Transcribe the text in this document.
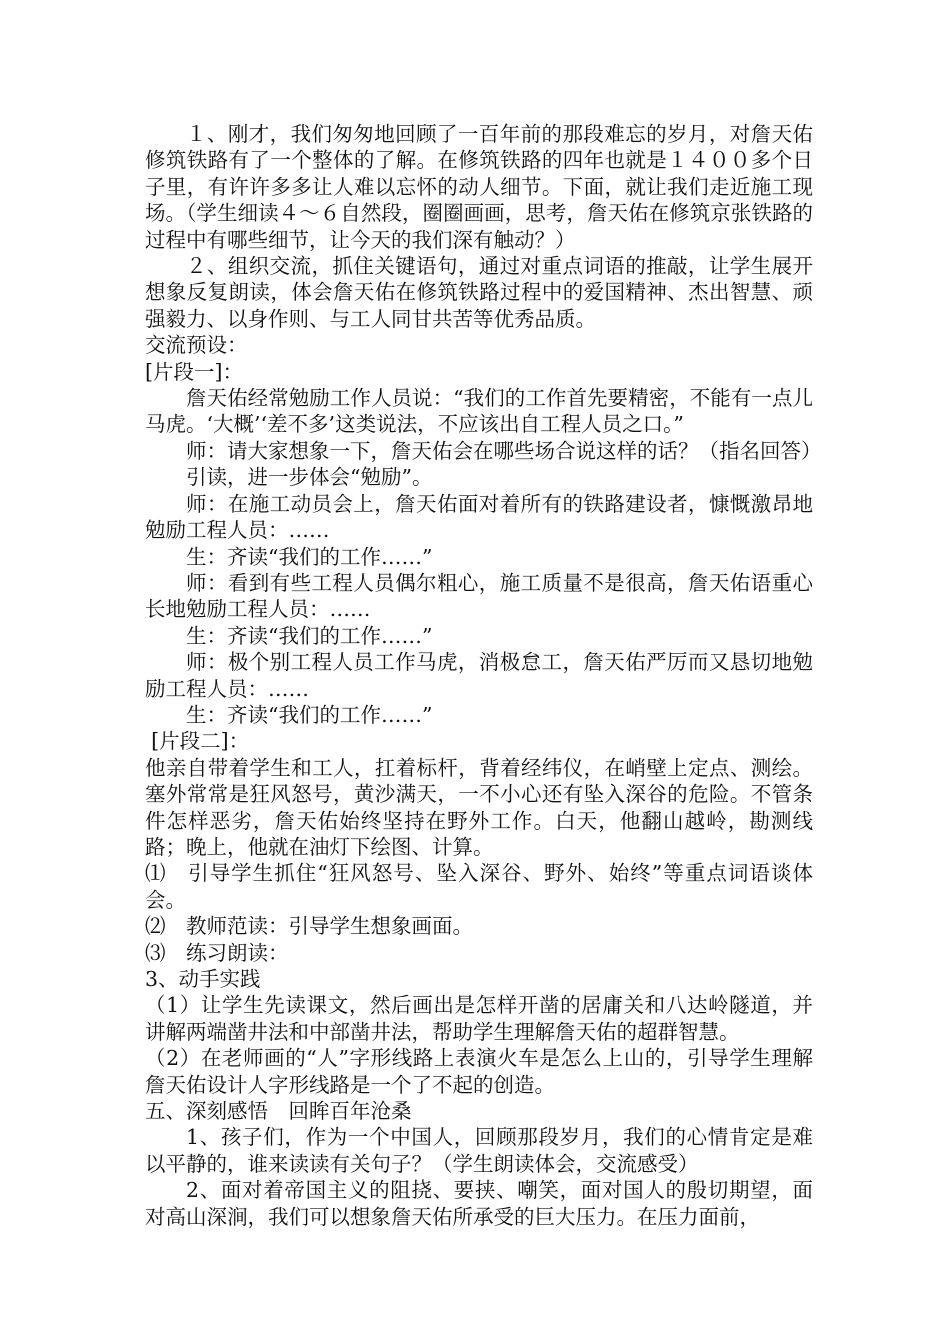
１、刚才，我们匆匆地回顾了一百年前的那段难忘的岁月，对詹天佑修筑铁路有了一个整体的了解。在修筑铁路的四年也就是１４００多个日子里，有许许多多让人难以忘怀的动人细节。下面，就让我们走近施工现场。（学生细读４～６自然段，圈圈画画，思考，詹天佑在修筑京张铁路的过程中有哪些细节，让今天的我们深有触动？）

２、组织交流，抓住关键语句，通过对重点词语的推敲，让学生展开想象反复朗读，体会詹天佑在修筑铁路过程中的爱国精神、杰出智慧、顽强毅力、以身作则、与工人同甘共苦等优秀品质。

交流预设：

[片段一]：

詹天佑经常勉励工作人员说：“我们的工作首先要精密，不能有一点儿马虎。‘大概’‘差不多’这类说法，不应该出自工程人员之口。”

师：请大家想象一下，詹天佑会在哪些场合说这样的话？（指名回答）

引读，进一步体会“勉励”。

师：在施工动员会上，詹天佑面对着所有的铁路建设者，慷慨激昂地勉励工程人员：……

生：齐读“我们的工作……”

师：看到有些工程人员偶尔粗心，施工质量不是很高，詹天佑语重心长地勉励工程人员：……

生：齐读“我们的工作……”

师：极个别工程人员工作马虎，消极怠工，詹天佑严厉而又恳切地勉励工程人员：……

生：齐读“我们的工作……”

[片段二]：

他亲自带着学生和工人，扛着标杆，背着经纬仪，在峭壁上定点、测绘。塞外常常是狂风怒号，黄沙满天，一不小心还有坠入深谷的危险。不管条件怎样恶劣，詹天佑始终坚持在野外工作。白天，他翻山越岭，勘测线路；晚上，他就在油灯下绘图、计算。

⑴　引导学生抓住“狂风怒号、坠入深谷、野外、始终”等重点词语谈体会。

⑵　教师范读：引导学生想象画面。

⑶　练习朗读：

3、动手实践

（1）让学生先读课文，然后画出是怎样开凿的居庸关和八达岭隧道，并讲解两端凿井法和中部凿井法，帮助学生理解詹天佑的超群智慧。

（2）在老师画的“人”字形线路上表演火车是怎么上山的，引导学生理解詹天佑设计人字形线路是一个了不起的创造。

五、深刻感悟　回眸百年沧桑

1、孩子们，作为一个中国人，回顾那段岁月，我们的心情肯定是难以平静的，谁来读读有关句子？（学生朗读体会，交流感受）

2、面对着帝国主义的阻挠、要挟、嘲笑，面对国人的殷切期望，面对高山深涧，我们可以想象詹天佑所承受的巨大压力。在压力面前，
